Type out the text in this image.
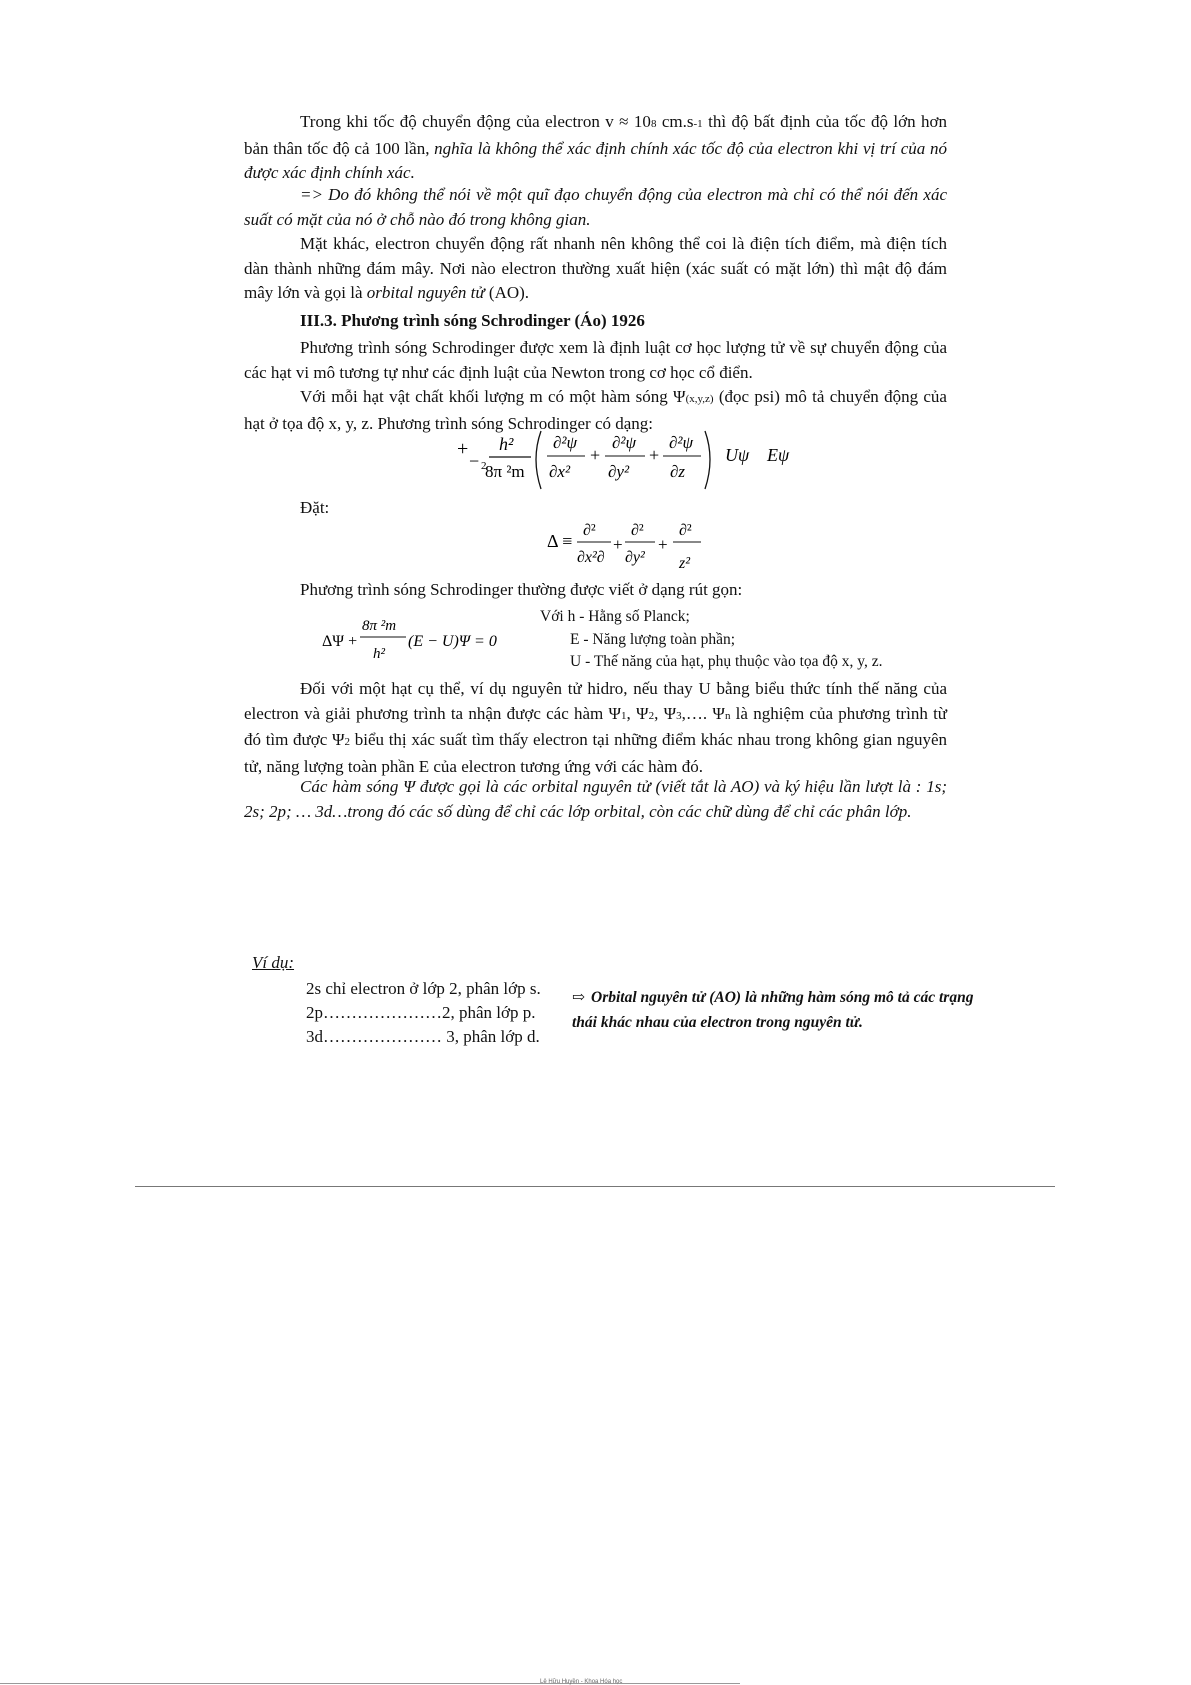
Trong khi tốc độ chuyển động của electron v ≈ 108 cm.s-1 thì độ bất định của tốc độ lớn hơn bản thân tốc độ cả 100 lần, nghĩa là không thể xác định chính xác tốc độ của electron khi vị trí của nó được xác định chính xác.

=> Do đó không thể nói về một quĩ đạo chuyển động của electron mà chỉ có thể nói đến xác suất có mặt của nó ở chỗ nào đó trong không gian.

Mặt khác, electron chuyển động rất nhanh nên không thể coi là điện tích điểm, mà điện tích dàn thành những đám mây. Nơi nào electron thường xuất hiện (xác suất có mặt lớn) thì mật độ đám mây lớn và gọi là orbital nguyên tử (AO).

III.3. Phương trình sóng Schrodinger (Áo) 1926

Phương trình sóng Schrodinger được xem là định luật cơ học lượng tử về sự chuyển động của các hạt vi mô tương tự như các định luật của Newton trong cơ học cổ điển.

Với mỗi hạt vật chất khối lượng m có một hàm sóng Ψ(x,y,z) (đọc psi) mô tả chuyển động của hạt ở tọa độ x, y, z. Phương trình sóng Schrodinger có dạng:

+
− 2
h²
8π ²m
∂²ψ
∂x²
+
∂²ψ
∂y²
+
∂²ψ
∂z
Uψ Eψ

Đặt:

Δ ≡
∂²
∂x²∂
+
∂²
∂y²
+
∂²
z²

Phương trình sóng Schrodinger thường được viết ở dạng rút gọn:

ΔΨ +
8π ²m
h²
(E − U)Ψ = 0
Với h - Hằng số Planck;
E - Năng lượng toàn phần;
U - Thế năng của hạt, phụ thuộc vào tọa độ x, y, z.

Đối với một hạt cụ thể, ví dụ nguyên tử hidro, nếu thay U bằng biểu thức tính thế năng của electron và giải phương trình ta nhận được các hàm Ψ1, Ψ2, Ψ3,…. Ψn là nghiệm của phương trình từ đó tìm được Ψ2 biểu thị xác suất tìm thấy electron tại những điểm khác nhau trong không gian nguyên tử, năng lượng toàn phần E của electron tương ứng với các hàm đó.

Các hàm sóng Ψ được gọi là các orbital nguyên tử (viết tắt là AO) và ký hiệu lần lượt là : 1s; 2s; 2p; … 3d…trong đó các số dùng để chỉ các lớp orbital, còn các chữ dùng để chỉ các phân lớp.

Ví dụ:
2s chỉ electron ở lớp 2, phân lớp s.
2p…………………2, phân lớp p.
3d………………… 3, phân lớp d.
⇨ Orbital nguyên tử (AO) là những hàm sóng mô tả các trạng thái khác nhau của electron trong nguyên tử.
Lê Hữu Huyền - Khoa Hóa học
